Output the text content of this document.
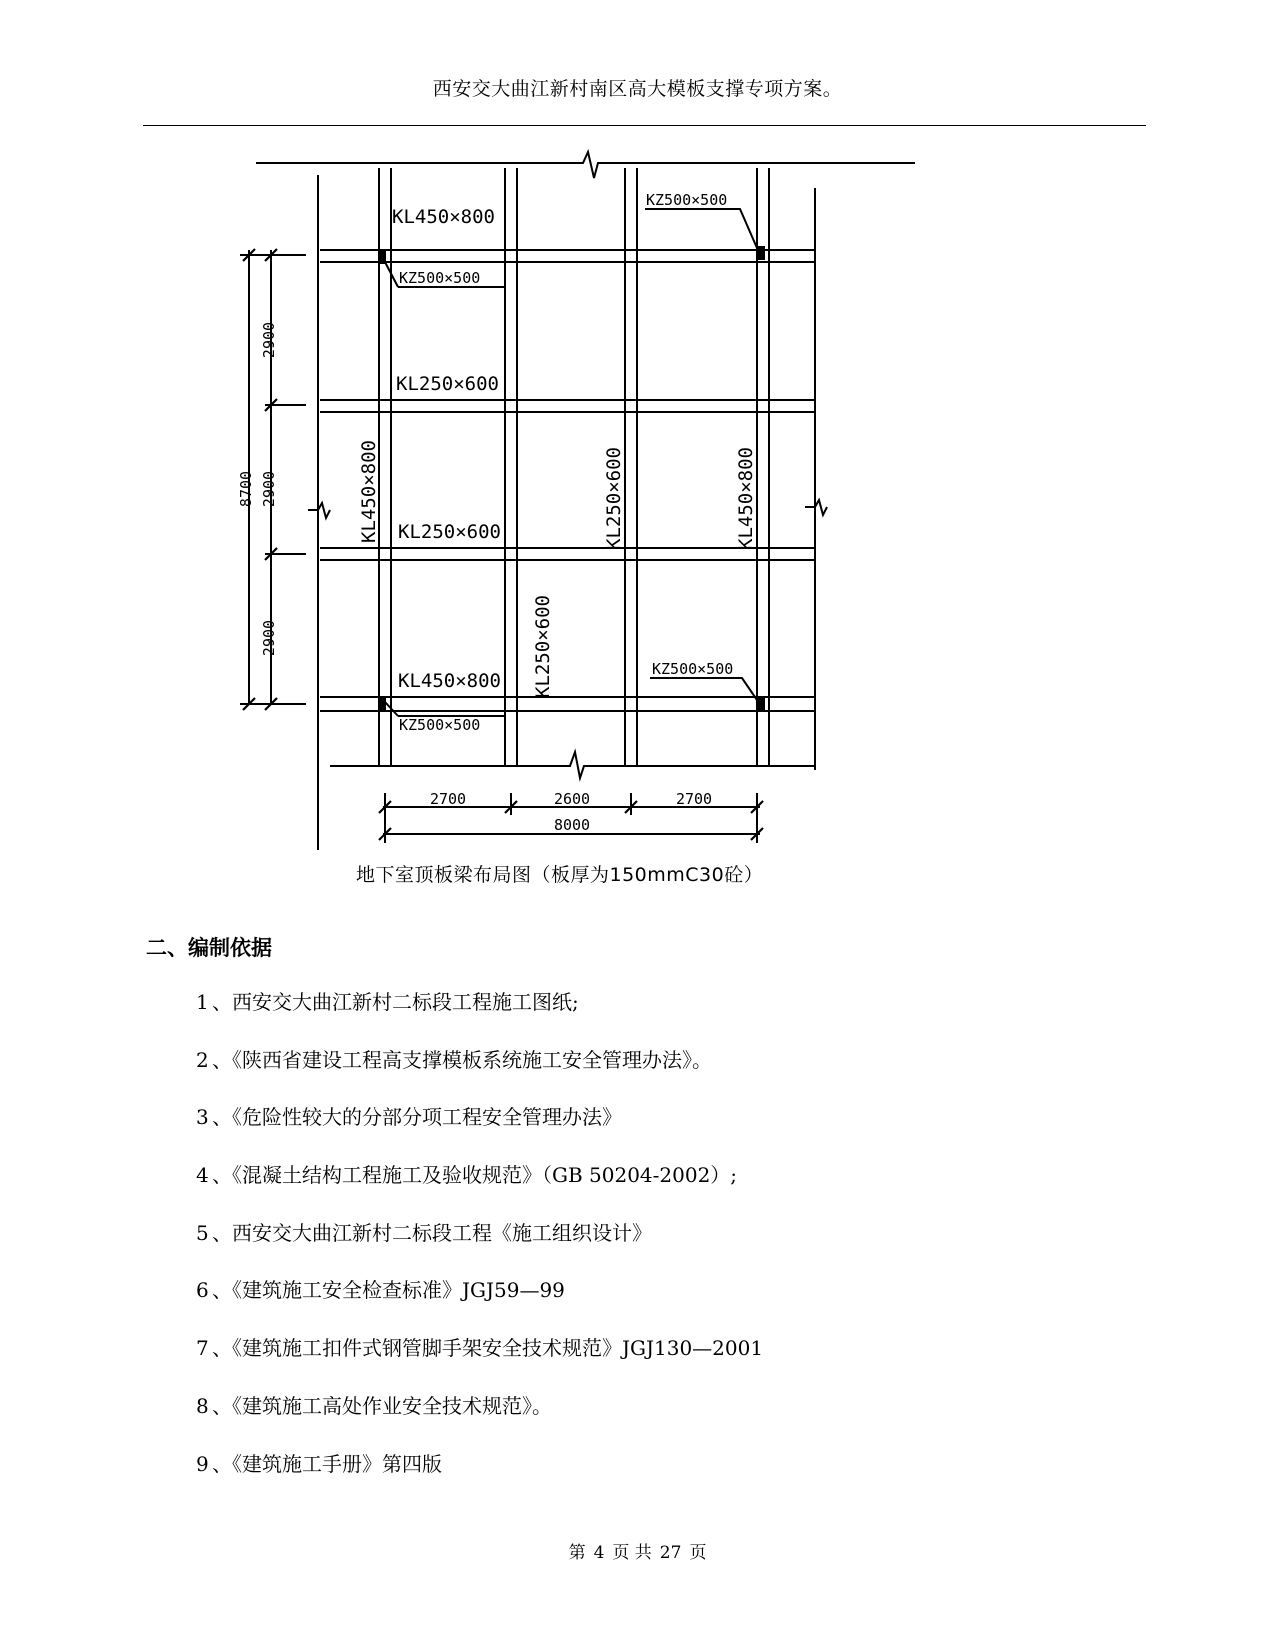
西安交大曲江新村南区高大模板支撑专项方案。
KL450×800
KZ500×500
KZ500×500
KL250×600
KL250×600
KL450×800
KZ500×500
KZ500×500
KL450×800	KL250×600	KL450×800
KL250×600
2900
2900
2900
8700
2700	2600	2700
8000
地下室顶板梁布局图（板厚为150mmC30砼）
二、编制依据
1 、西安交大曲江新村二标段工程施工图纸;
2 、《陕西省建设工程高支撑模板系统施工安全管理办法》。
3 、《危险性较大的分部分项工程安全管理办法》
4 、《混凝土结构工程施工及验收规范》（GB 50204-2002）;
5 、西安交大曲江新村二标段工程《施工组织设计》
6 、《建筑施工安全检查标准》JGJ59—99
7 、《建筑施工扣件式钢管脚手架安全技术规范》JGJ130—2001
8 、《建筑施工高处作业安全技术规范》。
9 、《建筑施工手册》第四版
第 4 页 共 27 页
